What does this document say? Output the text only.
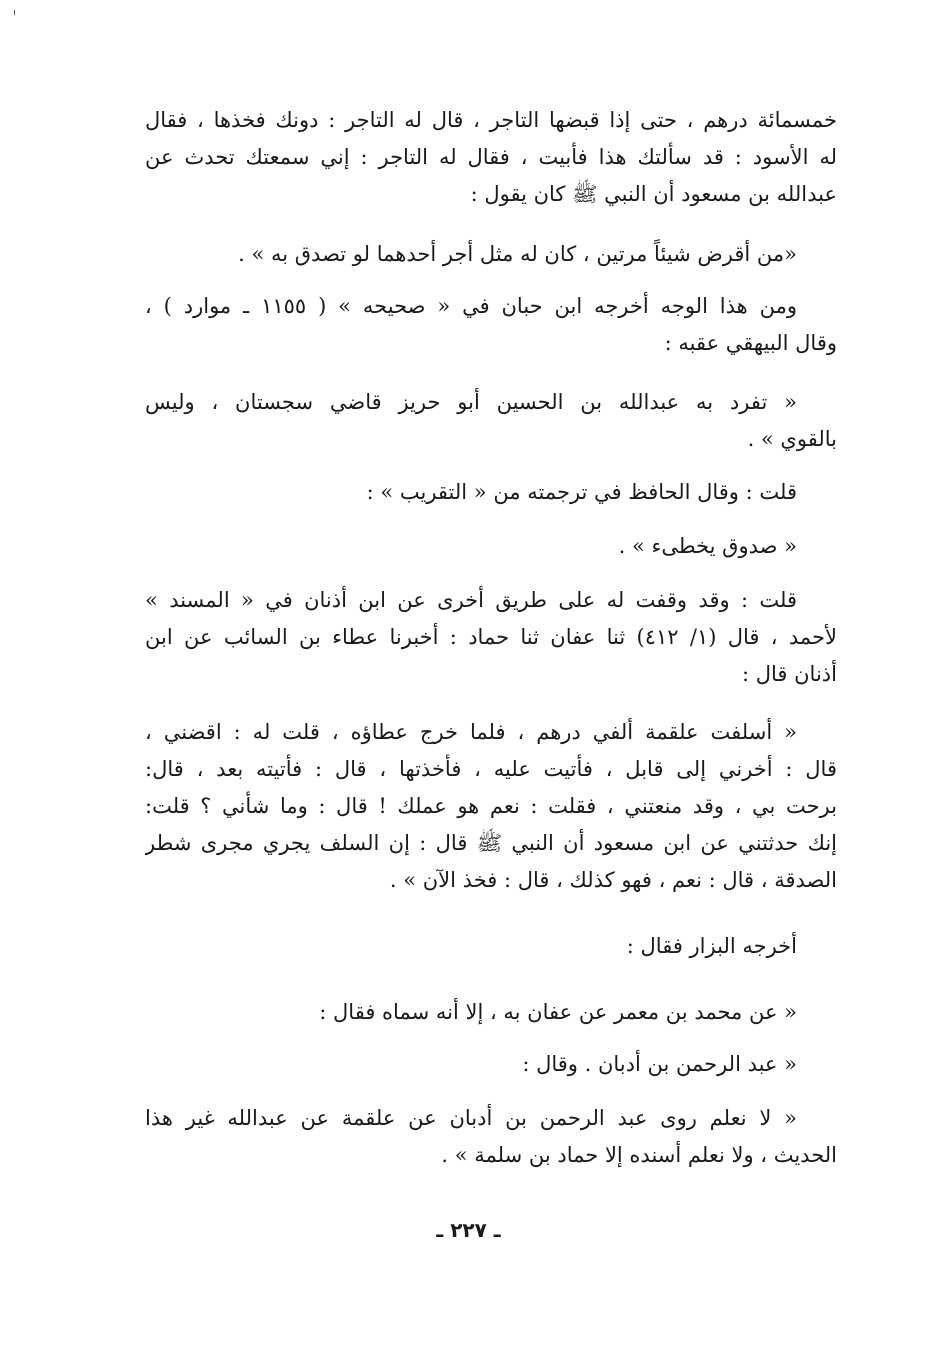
خمسمائة درهم ، حتى إذا قبضها التاجر ، قال له التاجر : دونك فخذها ، فقال
له الأسود : قد سألتك هذا فأبيت ، فقال له التاجر : إني سمعتك تحدث عن
عبدالله بن مسعود أن النبي ﷺ كان يقول :
«من أقرض شيئاً مرتين ، كان له مثل أجر أحدهما لو تصدق به » .
ومن هذا الوجه أخرجه ابن حبان في « صحيحه » ( ١١٥٥ ـ موارد ) ،
وقال البيهقي عقبه :
« تفرد به عبدالله بن الحسين أبو حريز قاضي سجستان ، وليس
بالقوي » .
قلت : وقال الحافظ في ترجمته من « التقريب » :
« صدوق يخطىء » .
قلت : وقد وقفت له على طريق أخرى عن ابن أذنان في « المسند »
لأحمد ، قال (١/ ٤١٢) ثنا عفان ثنا حماد : أخبرنا عطاء بن السائب عن ابن
أذنان قال :
« أسلفت علقمة ألفي درهم ، فلما خرج عطاؤه ، قلت له : اقضني ،
قال : أخرني إلى قابل ، فأتيت عليه ، فأخذتها ، قال : فأتيته بعد ، قال:
برحت بي ، وقد منعتني ، فقلت : نعم هو عملك ! قال : وما شأني ؟ قلت:
إنك حدثتني عن ابن مسعود أن النبي ﷺ قال : إن السلف يجري مجرى شطر
الصدقة ، قال : نعم ، فهو كذلك ، قال : فخذ الآن » .
أخرجه البزار فقال :
« عن محمد بن معمر عن عفان به ، إلا أنه سماه فقال :
« عبد الرحمن بن أدبان . وقال :
« لا نعلم روى عبد الرحمن بن أدبان عن علقمة عن عبدالله غير هذا
الحديث ، ولا نعلم أسنده إلا حماد بن سلمة » .
ـ ٢٢٧ ـ
